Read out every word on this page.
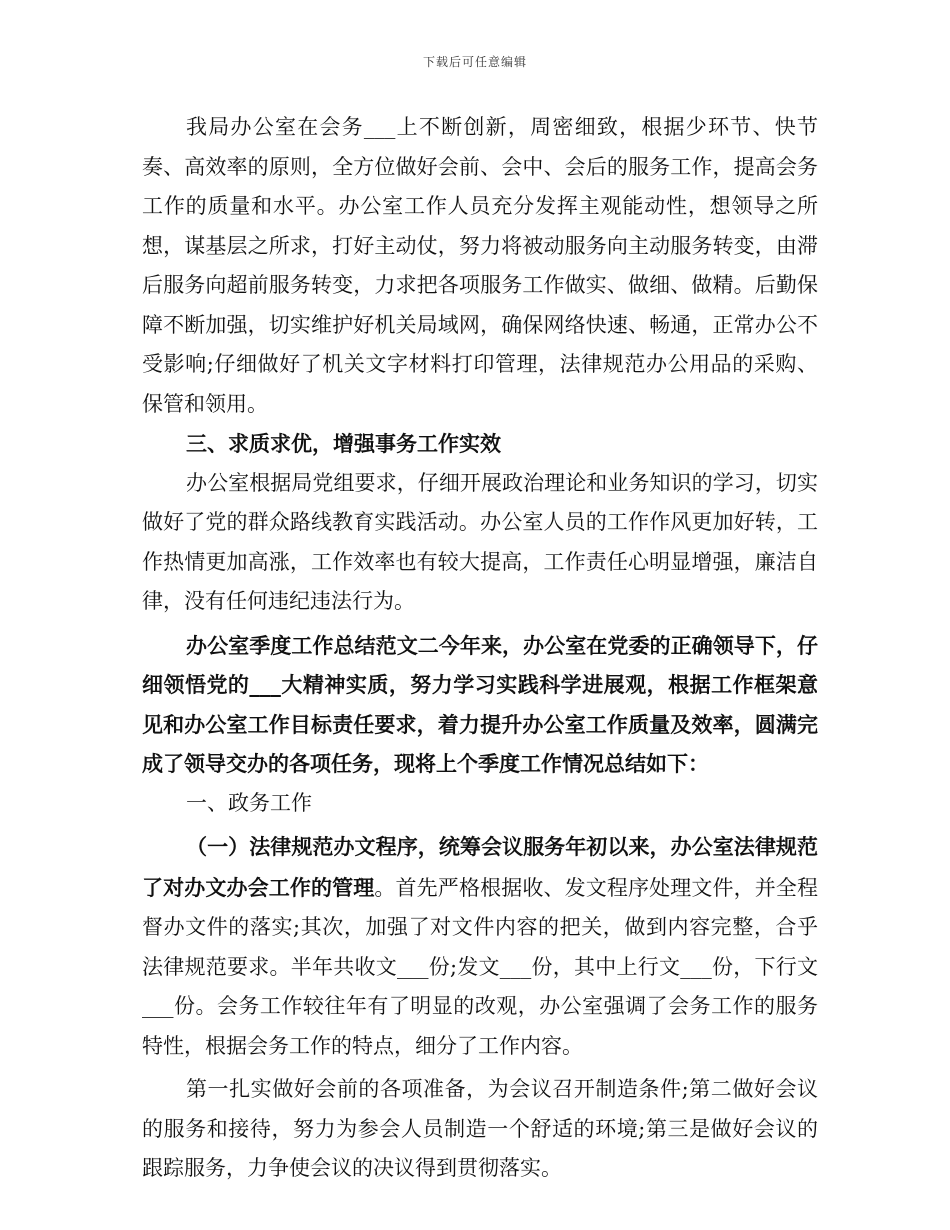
下载后可任意编辑

我局办公室在会务___上不断创新，周密细致，根据少环节、快节奏、高效率的原则，全方位做好会前、会中、会后的服务工作，提高会务工作的质量和水平。办公室工作人员充分发挥主观能动性，想领导之所想，谋基层之所求，打好主动仗，努力将被动服务向主动服务转变，由滞后服务向超前服务转变，力求把各项服务工作做实、做细、做精。后勤保障不断加强，切实维护好机关局域网，确保网络快速、畅通，正常办公不受影响;仔细做好了机关文字材料打印管理，法律规范办公用品的采购、保管和领用。

三、求质求优，增强事务工作实效

办公室根据局党组要求，仔细开展政治理论和业务知识的学习，切实做好了党的群众路线教育实践活动。办公室人员的工作作风更加好转，工作热情更加高涨，工作效率也有较大提高，工作责任心明显增强，廉洁自律，没有任何违纪违法行为。

办公室季度工作总结范文二今年来，办公室在党委的正确领导下，仔细领悟党的___大精神实质，努力学习实践科学进展观，根据工作框架意见和办公室工作目标责任要求，着力提升办公室工作质量及效率，圆满完成了领导交办的各项任务，现将上个季度工作情况总结如下：

一、政务工作

（一）法律规范办文程序，统筹会议服务年初以来，办公室法律规范了对办文办会工作的管理。首先严格根据收、发文程序处理文件，并全程督办文件的落实;其次，加强了对文件内容的把关，做到内容完整，合乎法律规范要求。半年共收文___份;发文___份，其中上行文___份，下行文___份。会务工作较往年有了明显的改观，办公室强调了会务工作的服务特性，根据会务工作的特点，细分了工作内容。

第一扎实做好会前的各项准备，为会议召开制造条件;第二做好会议的服务和接待，努力为参会人员制造一个舒适的环境;第三是做好会议的跟踪服务，力争使会议的决议得到贯彻落实。
